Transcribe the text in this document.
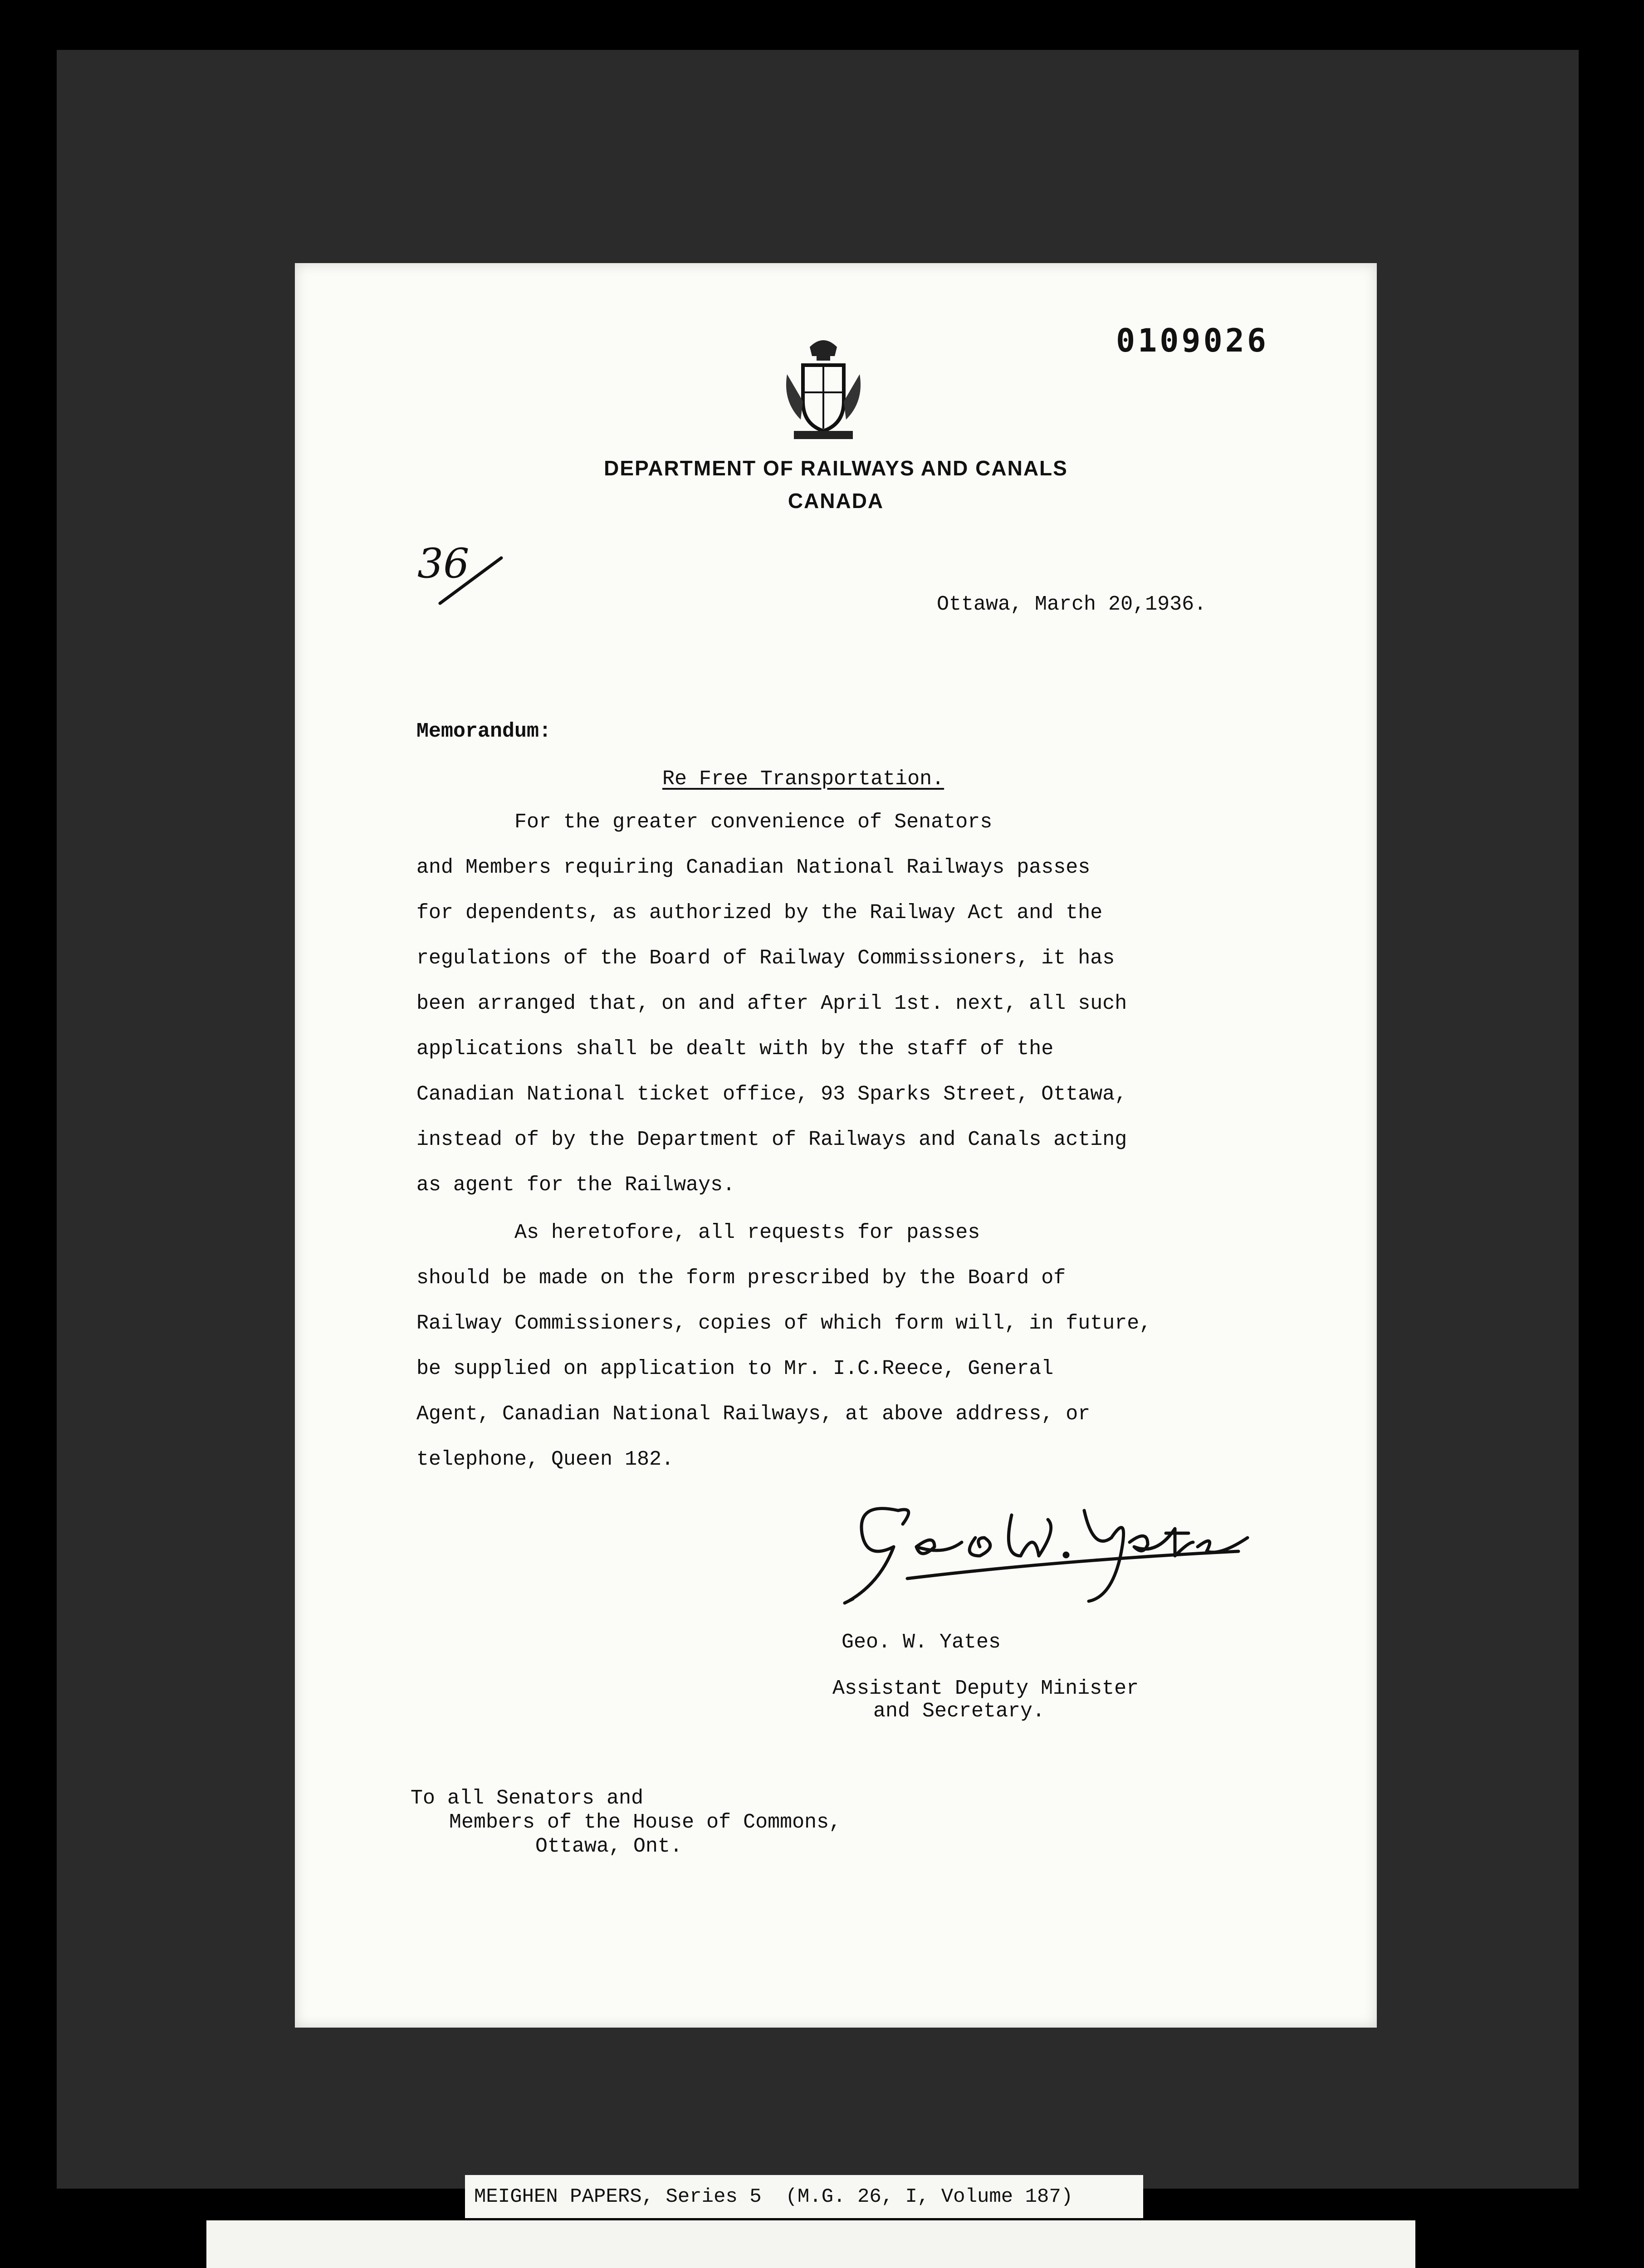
0109026
DEPARTMENT OF RAILWAYS AND CANALS
CANADA
36
Ottawa, March 20,1936.
Memorandum:
Re Free Transportation.
For the greater convenience of Senators
and Members requiring Canadian National Railways passes
for dependents, as authorized by the Railway Act and the
regulations of the Board of Railway Commissioners, it has
been arranged that, on and after April 1st. next, all such
applications shall be dealt with by the staff of the
Canadian National ticket office, 93 Sparks Street, Ottawa,
instead of by the Department of Railways and Canals acting
as agent for the Railways.
As heretofore, all requests for passes
should be made on the form prescribed by the Board of
Railway Commissioners, copies of which form will, in future,
be supplied on application to Mr. I.C.Reece, General
Agent, Canadian National Railways, at above address, or
telephone, Queen 182.
Geo. W. Yates
Assistant Deputy Minister
and Secretary.
To all Senators and
Members of the House of Commons,
Ottawa, Ont.
MEIGHEN PAPERS, Series 5  (M.G. 26, I, Volume 187)
